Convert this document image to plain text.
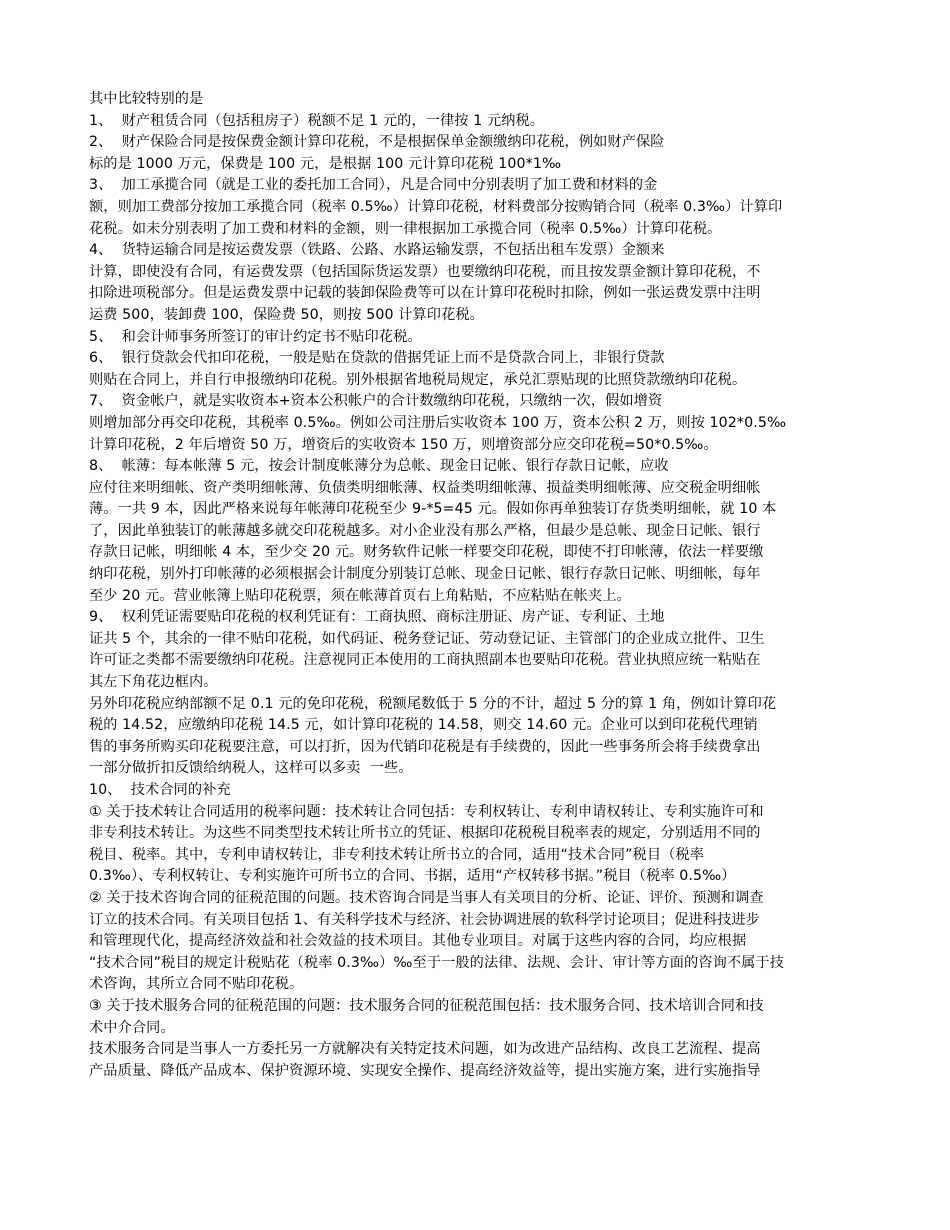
其中比较特别的是
1、  财产租赁合同（包括租房子）税额不足 1 元的，一律按 1 元纳税。
2、  财产保险合同是按保费金额计算印花税，不是根据保单金额缴纳印花税，例如财产保险
标的是 1000 万元，保费是 100 元，是根据 100 元计算印花税 100*1‰
3、  加工承揽合同（就是工业的委托加工合同），凡是合同中分别表明了加工费和材料的金
额，则加工费部分按加工承揽合同（税率 0.5‰）计算印花税，材料费部分按购销合同（税率 0.3‰）计算印
花税。如未分别表明了加工费和材料的金额，则一律根据加工承揽合同（税率 0.5‰）计算印花税。
4、  货特运输合同是按运费发票（铁路、公路、水路运输发票，不包括出租车发票）金额来
计算，即使没有合同，有运费发票（包括国际货运发票）也要缴纳印花税，而且按发票金额计算印花税，不
扣除进项税部分。但是运费发票中记载的装卸保险费等可以在计算印花税时扣除，例如一张运费发票中注明
运费 500，装卸费 100，保险费 50，则按 500 计算印花税。
5、  和会计师事务所签订的审计约定书不贴印花税。
6、  银行贷款会代扣印花税，一般是贴在贷款的借据凭证上而不是贷款合同上，非银行贷款
则贴在合同上，并自行申报缴纳印花税。别外根据省地税局规定，承兑汇票贴现的比照贷款缴纳印花税。
7、  资金帐户，就是实收资本+资本公积帐户的合计数缴纳印花税，只缴纳一次，假如增资
则增加部分再交印花税，其税率 0.5‰。例如公司注册后实收资本 100 万，资本公积 2 万，则按 102*0.5‰
计算印花税，2 年后增资 50 万，增资后的实收资本 150 万，则增资部分应交印花税=50*0.5‰。
8、  帐薄：每本帐薄 5 元，按会计制度帐薄分为总帐、现金日记帐、银行存款日记帐，应收
应付往来明细帐、资产类明细帐薄、负债类明细帐薄、权益类明细帐薄、损益类明细帐薄、应交税金明细帐
薄。一共 9 本，因此严格来说每年帐薄印花税至少 9-*5=45 元。假如你再单独装订存货类明细帐，就 10 本
了，因此单独装订的帐薄越多就交印花税越多。对小企业没有那么严格，但最少是总帐、现金日记帐、银行
存款日记帐，明细帐 4 本，至少交 20 元。财务软件记帐一样要交印花税，即使不打印帐薄，依法一样要缴
纳印花税，别外打印帐薄的必须根据会计制度分别装订总帐、现金日记帐、银行存款日记帐、明细帐，每年
至少 20 元。营业帐簿上贴印花税票，须在帐薄首页右上角粘贴，不应粘贴在帐夹上。
9、  权利凭证需要贴印花税的权利凭证有：工商执照、商标注册证、房产证、专利证、土地
证共 5 个，其余的一律不贴印花税，如代码证、税务登记证、劳动登记证、主管部门的企业成立批件、卫生
许可证之类都不需要缴纳印花税。注意视同正本使用的工商执照副本也要贴印花税。营业执照应统一粘贴在
其左下角花边框内。
另外印花税应纳部额不足 0.1 元的免印花税，税额尾数低于 5 分的不计，超过 5 分的算 1 角，例如计算印花
税的 14.52，应缴纳印花税 14.5 元，如计算印花税的 14.58，则交 14.60 元。企业可以到印花税代理销
售的事务所购买印花税要注意，可以打折，因为代销印花税是有手续费的，因此一些事务所会将手续费拿出
一部分做折扣反馈给纳税人，这样可以多卖  一些。
10、  技术合同的补充
① 关于技术转让合同适用的税率问题：技术转让合同包括：专利权转让、专利申请权转让、专利实施许可和
非专利技术转让。为这些不同类型技术转让所书立的凭证、根据印花税税目税率表的规定，分别适用不同的
税目、税率。其中，专利申请权转让，非专利技术转让所书立的合同，适用“技术合同”税目（税率
0.3‰）、专利权转让、专利实施许可所书立的合同、书据，适用“产权转移书据。”税目（税率 0.5‰）
② 关于技术咨询合同的征税范围的问题。技术咨询合同是当事人有关项目的分析、论证、评价、预测和调查
订立的技术合同。有关项目包括 1、有关科学技术与经济、社会协调进展的软科学讨论项目；促进科技进步
和管理现代化，提高经济效益和社会效益的技术项目。其他专业项目。对属于这些内容的合同，均应根据
“技术合同”税目的规定计税贴花（税率 0.3‰）‰至于一般的法律、法规、会计、审计等方面的咨询不属于技
术咨询，其所立合同不贴印花税。
③ 关于技术服务合同的征税范围的问题：技术服务合同的征税范围包括：技术服务合同、技术培训合同和技
术中介合同。
技术服务合同是当事人一方委托另一方就解决有关特定技术问题，如为改进产品结构、改良工艺流程、提高
产品质量、降低产品成本、保护资源环境、实现安全操作、提高经济效益等，提出实施方案，进行实施指导
